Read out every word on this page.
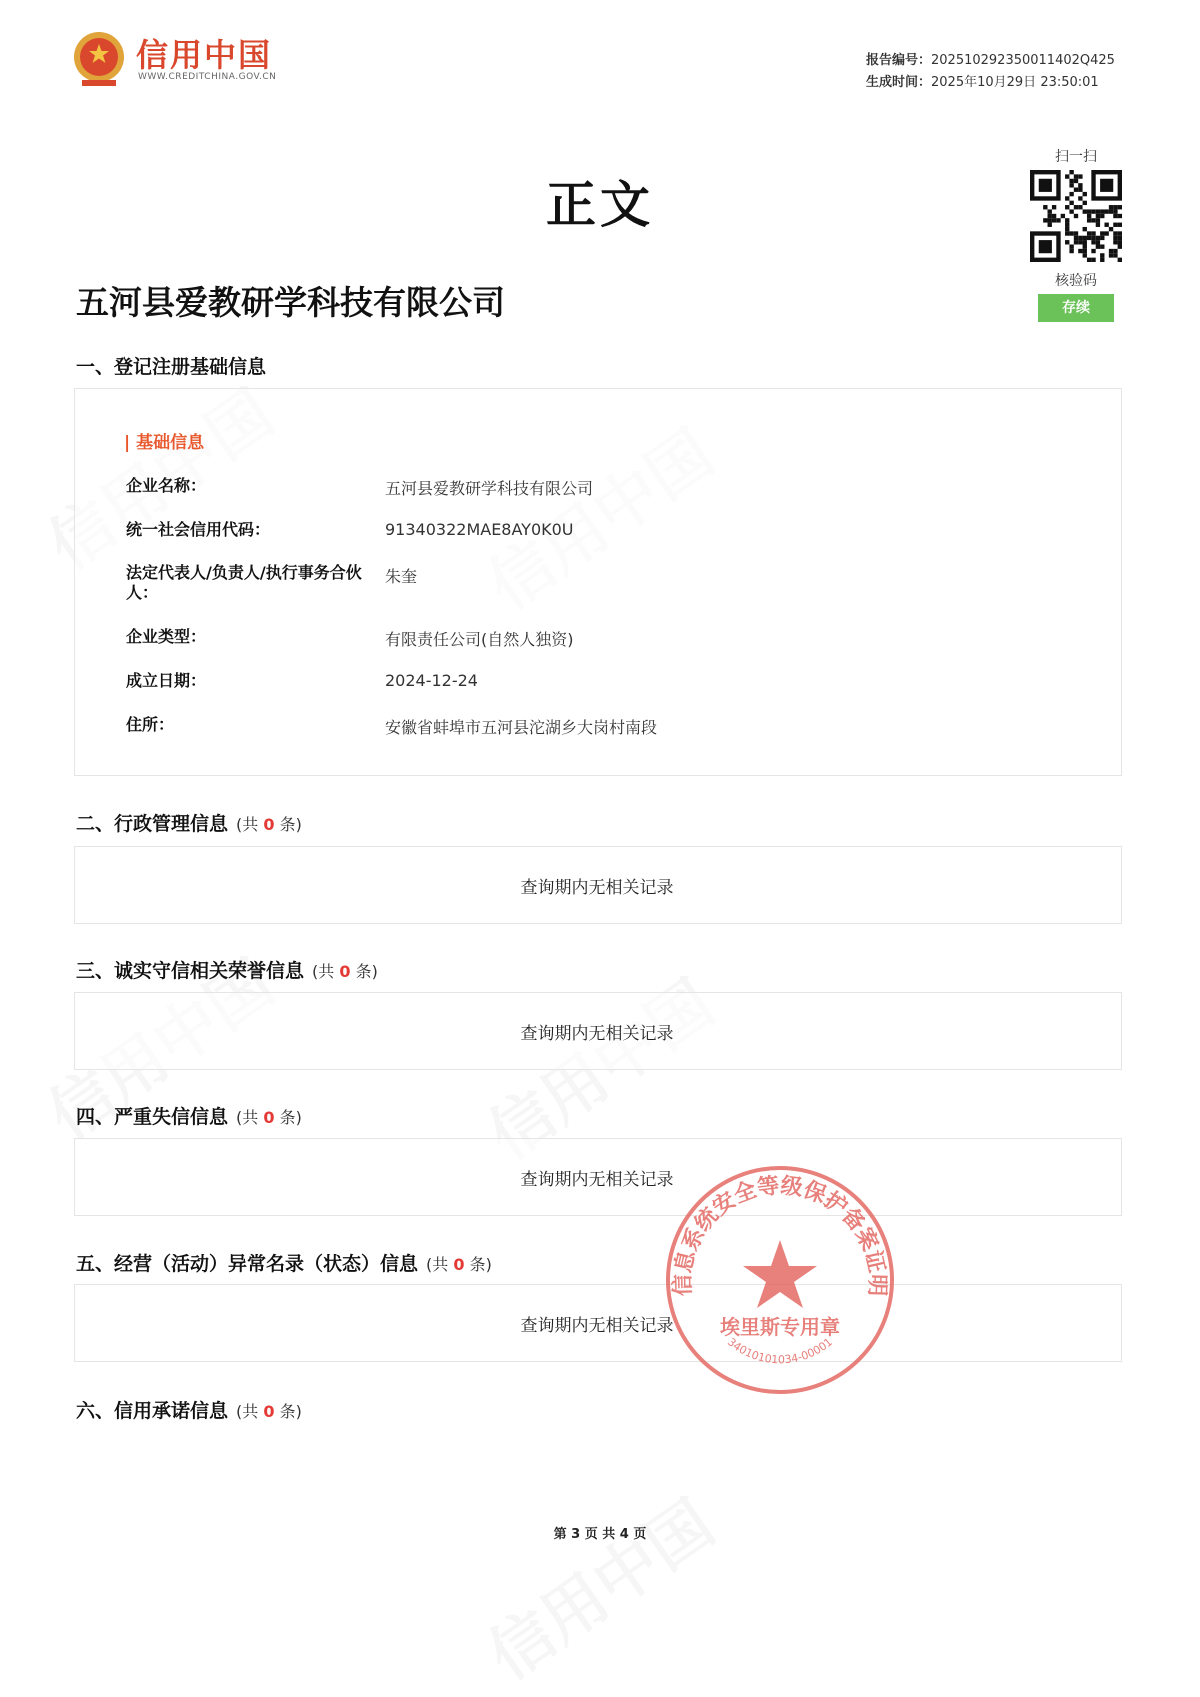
信用中国
WWW.CREDITCHINA.GOV.CN
报告编号：20251029235001140​2Q425
生成时间：2025年10月29日 23:50:01
正文
扫一扫
核验码
存续
五河县爱教研学科技有限公司
一、登记注册基础信息
| 基础信息
企业名称：	五河县爱教研学科技有限公司
统一社会信用代码：	91340322MAE8AY0K0U
法定代表人/负责人/执行事务合伙人：
朱奎
企业类型：	有限责任公司(自然人独资)
成立日期：	2024-12-24
住所：	安徽省蚌埠市五河县沱湖乡大岗村南段
二、行政管理信息 (共 0 条)
查询期内无相关记录
三、诚实守信相关荣誉信息 (共 0 条)
查询期内无相关记录
四、严重失信信息 (共 0 条)
查询期内无相关记录
五、经营（活动）异常名录（状态）信息 (共 0 条)
查询期内无相关记录
六、信用承诺信息 (共 0 条)
信息系统安全等级保护备案证明
埃里斯专用章
34010101034-00001
第 3 页 共 4 页
